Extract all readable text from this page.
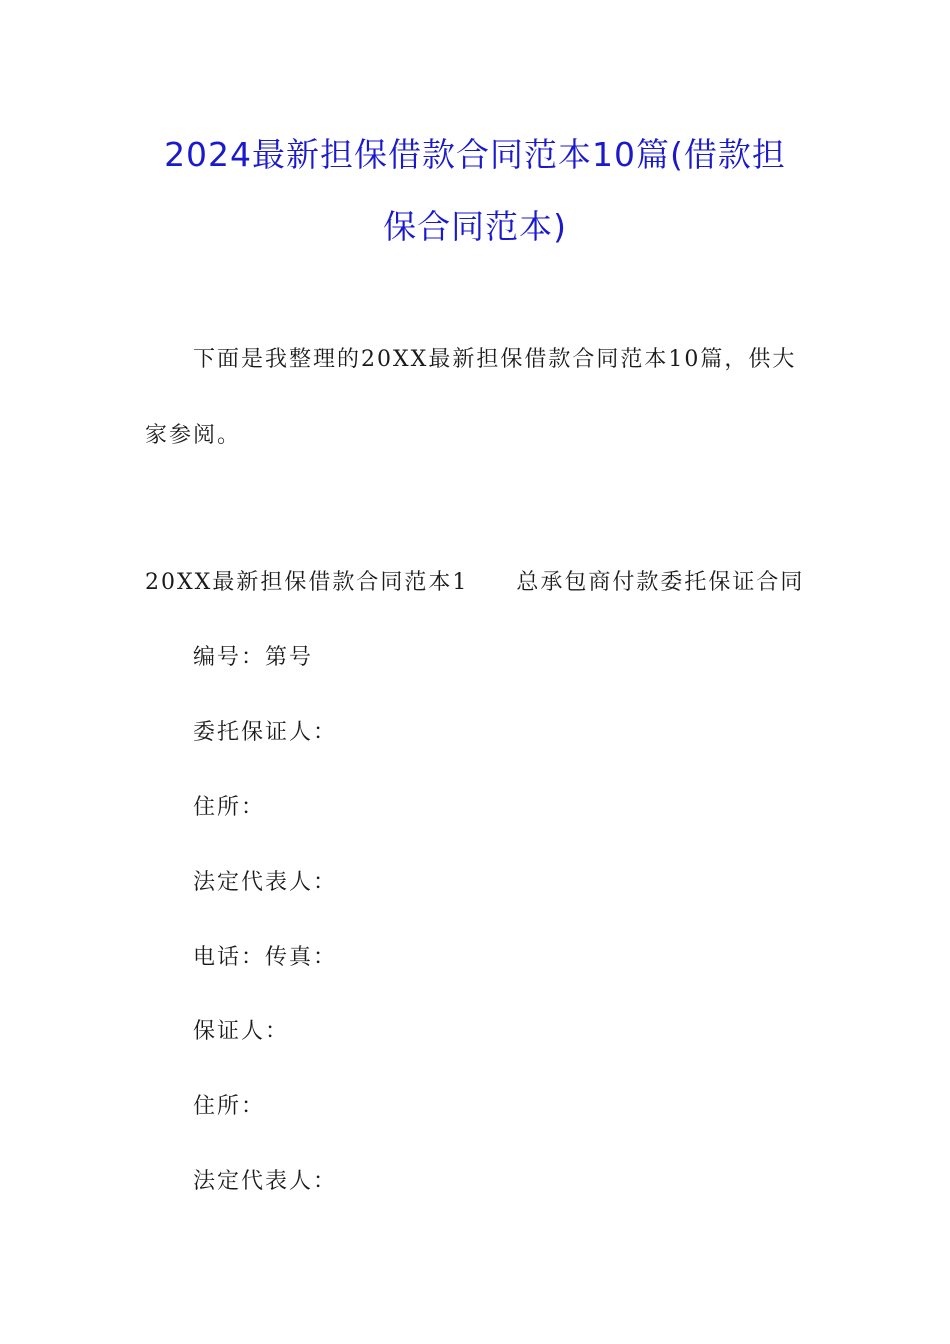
2024最新担保借款合同范本10篇(借款担
保合同范本)
下面是我整理的20XX最新担保借款合同范本10篇，供大
家参阅。
20XX最新担保借款合同范本1 总承包商付款委托保证合同
编号：第号
委托保证人：
住所：
法定代表人：
电话：传真：
保证人：
住所：
法定代表人：
